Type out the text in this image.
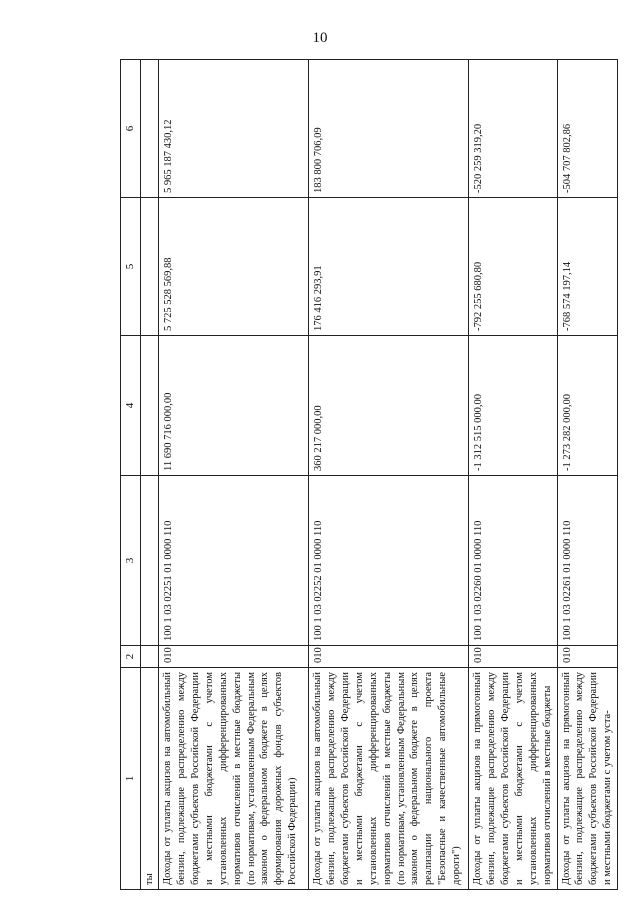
10
1	2	3	4	5	6
ты					
Доходы от уплаты акцизов на автомобильный бензин, подлежащие распределению между бюджетами субъектов Российской Федерации и местными бюджетами с учетом установленных дифференцированных нормативов отчислений в местные бюджеты (по нормативам, установленным Федеральным законом о федеральном бюджете в целях формирования дорожных фондов субъектов Российской Федерации)	010	100 1 03 02251 01 0000 110	11 690 716 000,00	5 725 528 569,88	5 965 187 430,12
Доходы от уплаты акцизов на автомобильный бензин, подлежащие распределению между бюджетами субъектов Российской Федерации и местными бюджетами с учетом установленных дифференцированных нормативов отчислений в местные бюджеты (по нормативам, установленным Федеральным законом о федеральном бюджете в целях реализации национального проекта "Безопасные и качественные автомобильные дороги")	010	100 1 03 02252 01 0000 110	360 217 000,00	176 416 293,91	183 800 706,09
Доходы от уплаты акцизов на прямогонный бензин, подлежащие распределению между бюджетами субъектов Российской Федерации и местными бюджетами с учетом установленных дифференцированных нормативов отчислений в местные бюджеты	010	100 1 03 02260 01 0000 110	-1 312 515 000,00	-792 255 680,80	-520 259 319,20
Доходы от уплаты акцизов на прямогонный бензин, подлежащие распределению между бюджетами субъектов Российской Федерации и местными бюджетами с учетом уста-	010	100 1 03 02261 01 0000 110	-1 273 282 000,00	-768 574 197,14	-504 707 802,86
